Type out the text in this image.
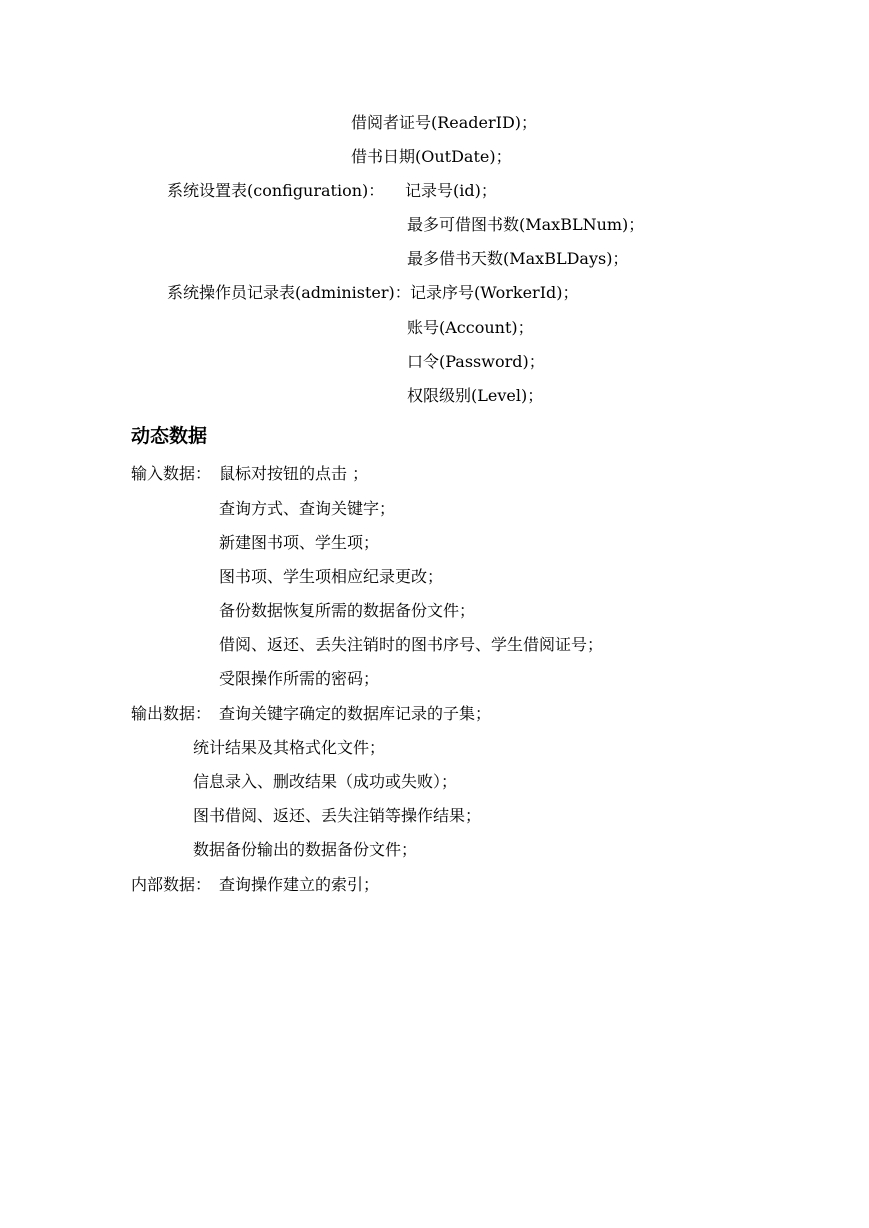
借阅者证号(ReaderID)；
借书日期(OutDate)；
系统设置表(configuration)： 记录号(id)；
最多可借图书数(MaxBLNum)；
最多借书天数(MaxBLDays)；
系统操作员记录表(administer)： 记录序号(WorkerId)；
账号(Account)；
口令(Password)；
权限级别(Level)；
动态数据
输入数据： 鼠标对按钮的点击 ；
查询方式、查询关键字；
新建图书项、学生项；
图书项、学生项相应纪录更改；
备份数据恢复所需的数据备份文件；
借阅、返还、丢失注销时的图书序号、学生借阅证号；
受限操作所需的密码；
输出数据： 查询关键字确定的数据库记录的子集；
统计结果及其格式化文件；
信息录入、删改结果（成功或失败）；
图书借阅、返还、丢失注销等操作结果；
数据备份输出的数据备份文件；
内部数据： 查询操作建立的索引；
